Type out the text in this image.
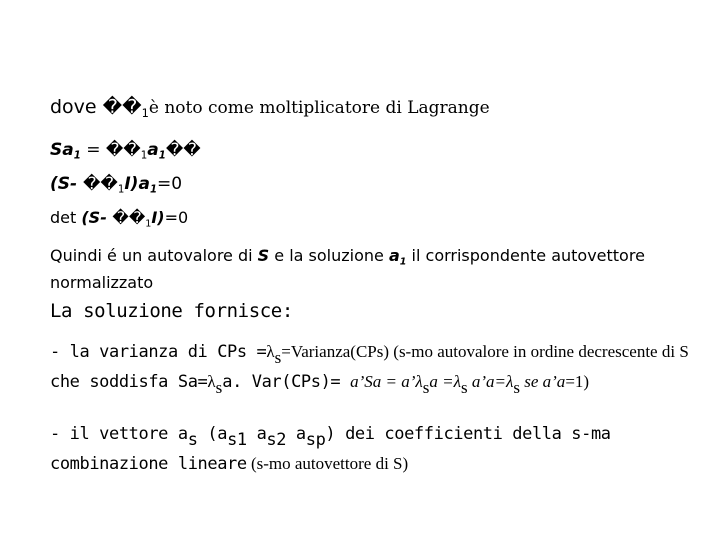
dove $��_1è$ noto come moltiplicatore di Lagrange
$Sa_1$ = $��_1a_1��$
(S- $��_1I)a_1=0$
det (S- $��_1I)=0$
Quindi é un autovalore di S e la soluzione $a_1$ il corrispondente autovettore normalizzato
La soluzione fornisce:
- la varianza di CPs =λs=Varianza(CPs) (s-mo autovalore in ordine decrescente di S che soddisfa Sa=λsa. Var(CPs)= a’Sa = a’λsa =λs a’a=λs se a’a=1)
- il vettore as (as1 as2 asp) dei coefficienti della s-ma combinazione lineare (s-mo autovettore di S)
